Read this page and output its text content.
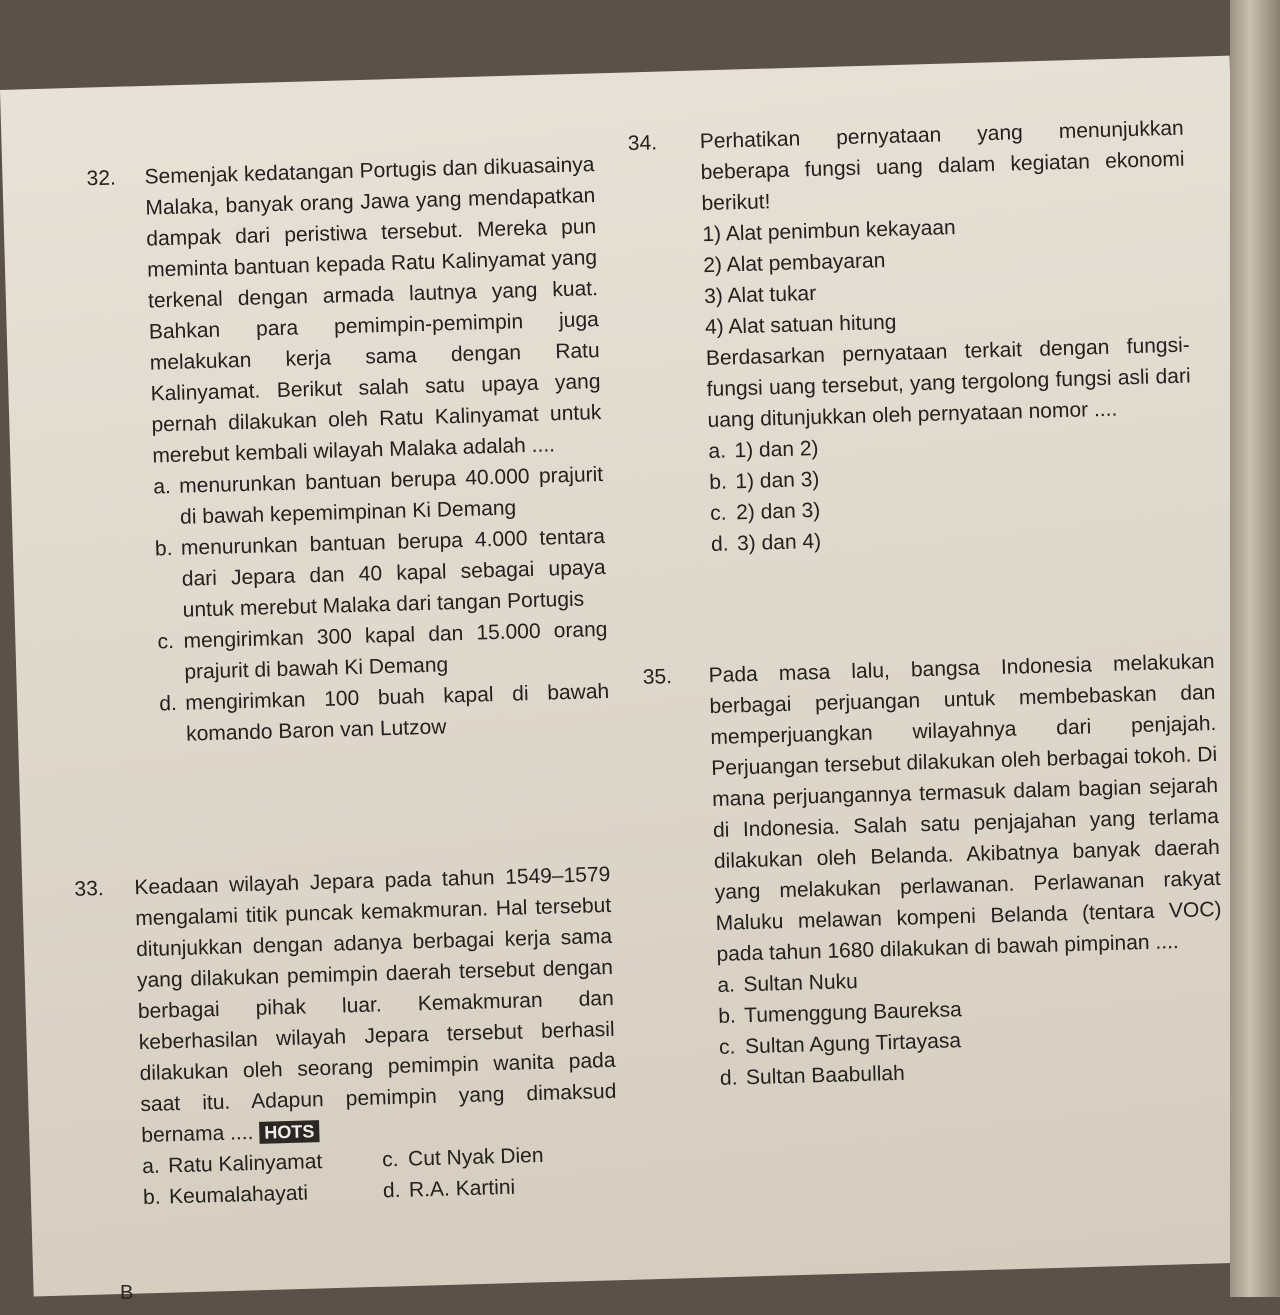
32. Semenjak kedatangan Portugis dan dikuasainya Malaka, banyak orang Jawa yang mendapatkan dampak dari peristiwa tersebut. Mereka pun meminta bantuan kepada Ratu Kalinyamat yang terkenal dengan armada lautnya yang kuat. Bahkan para pemimpin-pemimpin juga melakukan kerja sama dengan Ratu Kalinyamat. Berikut salah satu upaya yang pernah dilakukan oleh Ratu Kalinyamat untuk merebut kembali wilayah Malaka adalah ....
a. menurunkan bantuan berupa 40.000 prajurit di bawah kepemimpinan Ki Demang
b. menurunkan bantuan berupa 4.000 tentara dari Jepara dan 40 kapal sebagai upaya untuk merebut Malaka dari tangan Portugis
c. mengirimkan 300 kapal dan 15.000 orang prajurit di bawah Ki Demang
d. mengirimkan 100 buah kapal di bawah komando Baron van Lutzow
33. Keadaan wilayah Jepara pada tahun 1549–1579 mengalami titik puncak kemakmuran. Hal tersebut ditunjukkan dengan adanya berbagai kerja sama yang dilakukan pemimpin daerah tersebut dengan berbagai pihak luar. Kemakmuran dan keberhasilan wilayah Jepara tersebut berhasil dilakukan oleh seorang pemimpin wanita pada saat itu. Adapun pemimpin yang dimaksud bernama .... HOTS
a. Ratu Kalinyamat	c. Cut Nyak Dien
b. Keumalahayati	d. R.A. Kartini
34. Perhatikan pernyataan yang menunjukkan beberapa fungsi uang dalam kegiatan ekonomi berikut!
1) Alat penimbun kekayaan
2) Alat pembayaran
3) Alat tukar
4) Alat satuan hitung
Berdasarkan pernyataan terkait dengan fungsi-fungsi uang tersebut, yang tergolong fungsi asli dari uang ditunjukkan oleh pernyataan nomor ....
a. 1) dan 2)
b. 1) dan 3)
c. 2) dan 3)
d. 3) dan 4)
35. Pada masa lalu, bangsa Indonesia melakukan berbagai perjuangan untuk membebaskan dan memperjuangkan wilayahnya dari penjajah. Perjuangan tersebut dilakukan oleh berbagai tokoh. Di mana perjuangannya termasuk dalam bagian sejarah di Indonesia. Salah satu penjajahan yang terlama dilakukan oleh Belanda. Akibatnya banyak daerah yang melakukan perlawanan. Perlawanan rakyat Maluku melawan kompeni Belanda (tentara VOC) pada tahun 1680 dilakukan di bawah pimpinan ....
a. Sultan Nuku
b. Tumenggung Baureksa
c. Sultan Agung Tirtayasa
d. Sultan Baabullah
B
